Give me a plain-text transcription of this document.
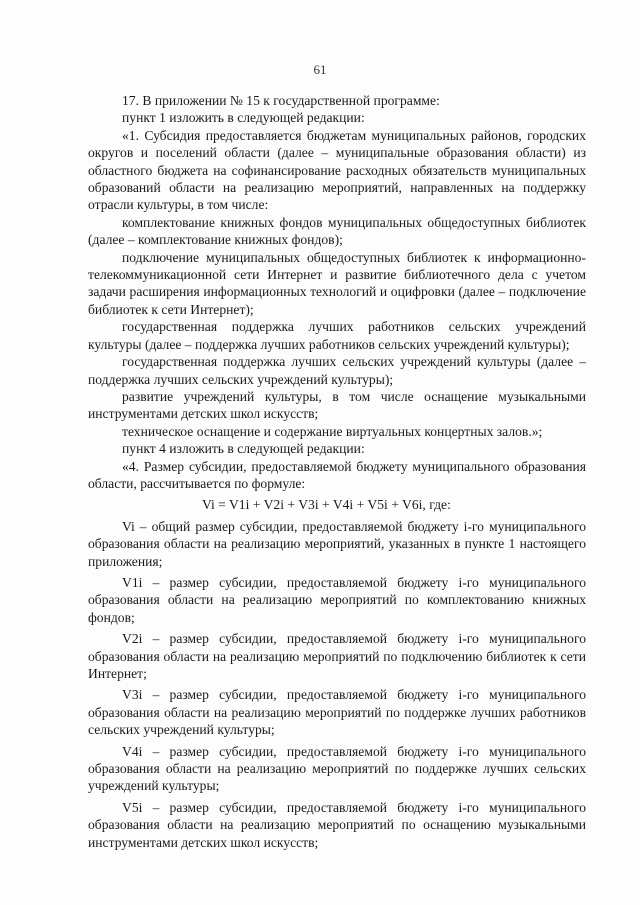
61

17. В приложении № 15 к государственной программе:

пункт 1 изложить в следующей редакции:

«1. Субсидия предоставляется бюджетам муниципальных районов, городских округов и поселений области (далее – муниципальные образования области) из областного бюджета на софинансирование расходных обязательств муниципальных образований области на реализацию мероприятий, направленных на поддержку отрасли культуры, в том числе:

комплектование книжных фондов муниципальных общедоступных библиотек (далее – комплектование книжных фондов);

подключение муниципальных общедоступных библиотек к информационно-телекоммуникационной сети Интернет и развитие библиотечного дела с учетом задачи расширения информационных технологий и оцифровки (далее – подключение библиотек к сети Интернет);

государственная поддержка лучших работников сельских учреждений культуры (далее – поддержка лучших работников сельских учреждений культуры);

государственная поддержка лучших сельских учреждений культуры (далее – поддержка лучших сельских учреждений культуры);

развитие учреждений культуры, в том числе оснащение музыкальными инструментами детских школ искусств;

техническое оснащение и содержание виртуальных концертных залов.»;

пункт 4 изложить в следующей редакции:

«4. Размер субсидии, предоставляемой бюджету муниципального образования области, рассчитывается по формуле:

Vi = V1i + V2i + V3i + V4i + V5i + V6i, где:

Vi – общий размер субсидии, предоставляемой бюджету i-го муниципального образования области на реализацию мероприятий, указанных в пункте 1 настоящего приложения;

V1i – размер субсидии, предоставляемой бюджету i-го муниципального образования области на реализацию мероприятий по комплектованию книжных фондов;

V2i – размер субсидии, предоставляемой бюджету i-го муниципального образования области на реализацию мероприятий по подключению библиотек к сети Интернет;

V3i – размер субсидии, предоставляемой бюджету i-го муниципального образования области на реализацию мероприятий по поддержке лучших работников сельских учреждений культуры;

V4i – размер субсидии, предоставляемой бюджету i-го муниципального образования области на реализацию мероприятий по поддержке лучших сельских учреждений культуры;

V5i – размер субсидии, предоставляемой бюджету i-го муниципального образования области на реализацию мероприятий по оснащению музыкальными инструментами детских школ искусств;
